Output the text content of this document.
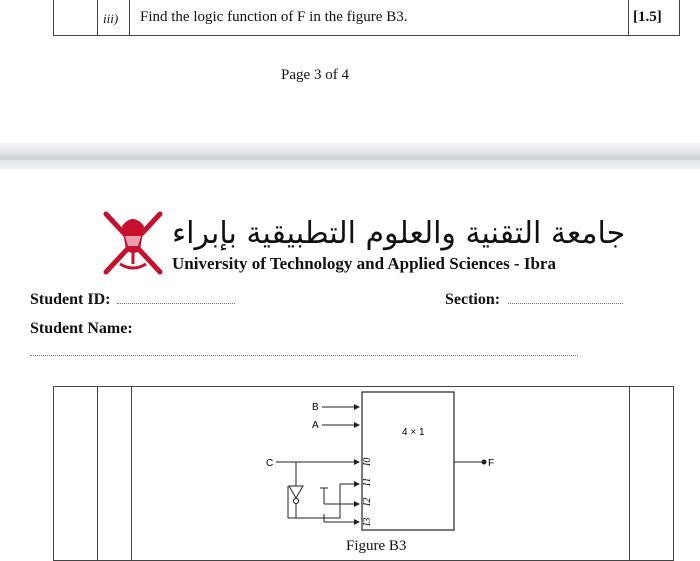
iii) Find the logic function of F in the figure B3.	[1.5]
Page 3 of 4
جامعة التقنية والعلوم التطبيقية بإبراء
University of Technology and Applied Sciences - Ibra
Student ID:	Section:
Student Name:
4 × 1
B
A
F
C	I0
I1
I2
I3
Figure B3
